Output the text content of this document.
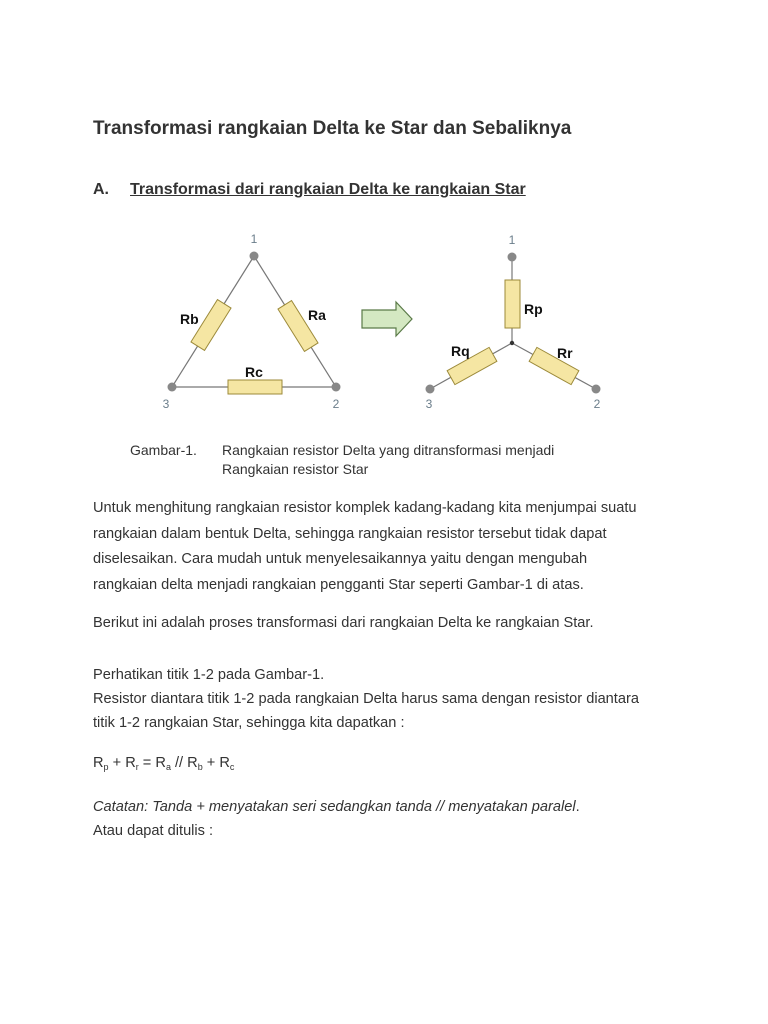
Transformasi rangkaian Delta ke Star dan Sebaliknya
A. Transformasi dari rangkaian Delta ke rangkaian Star
1
2
3
Ra
Rb
Rc
1
2
3
Rp
Rq	Rr
Gambar-1. Rangkaian resistor Delta yang ditransformasi menjadi
Rangkaian resistor Star
Untuk menghitung rangkaian resistor komplek kadang-kadang kita menjumpai suatu
rangkaian dalam bentuk Delta, sehingga rangkaian resistor tersebut tidak dapat
diselesaikan. Cara mudah untuk menyelesaikannya yaitu dengan mengubah
rangkaian delta menjadi rangkaian pengganti Star seperti Gambar-1 di atas.
Berikut ini adalah proses transformasi dari rangkaian Delta ke rangkaian Star.
Perhatikan titik 1-2 pada Gambar-1.
Resistor diantara titik 1-2 pada rangkaian Delta harus sama dengan resistor diantara
titik 1-2 rangkaian Star, sehingga kita dapatkan :
$R_p + R_r = R_a // R_b + R_c$
Catatan: Tanda + menyatakan seri sedangkan tanda // menyatakan paralel.
Atau dapat ditulis :
